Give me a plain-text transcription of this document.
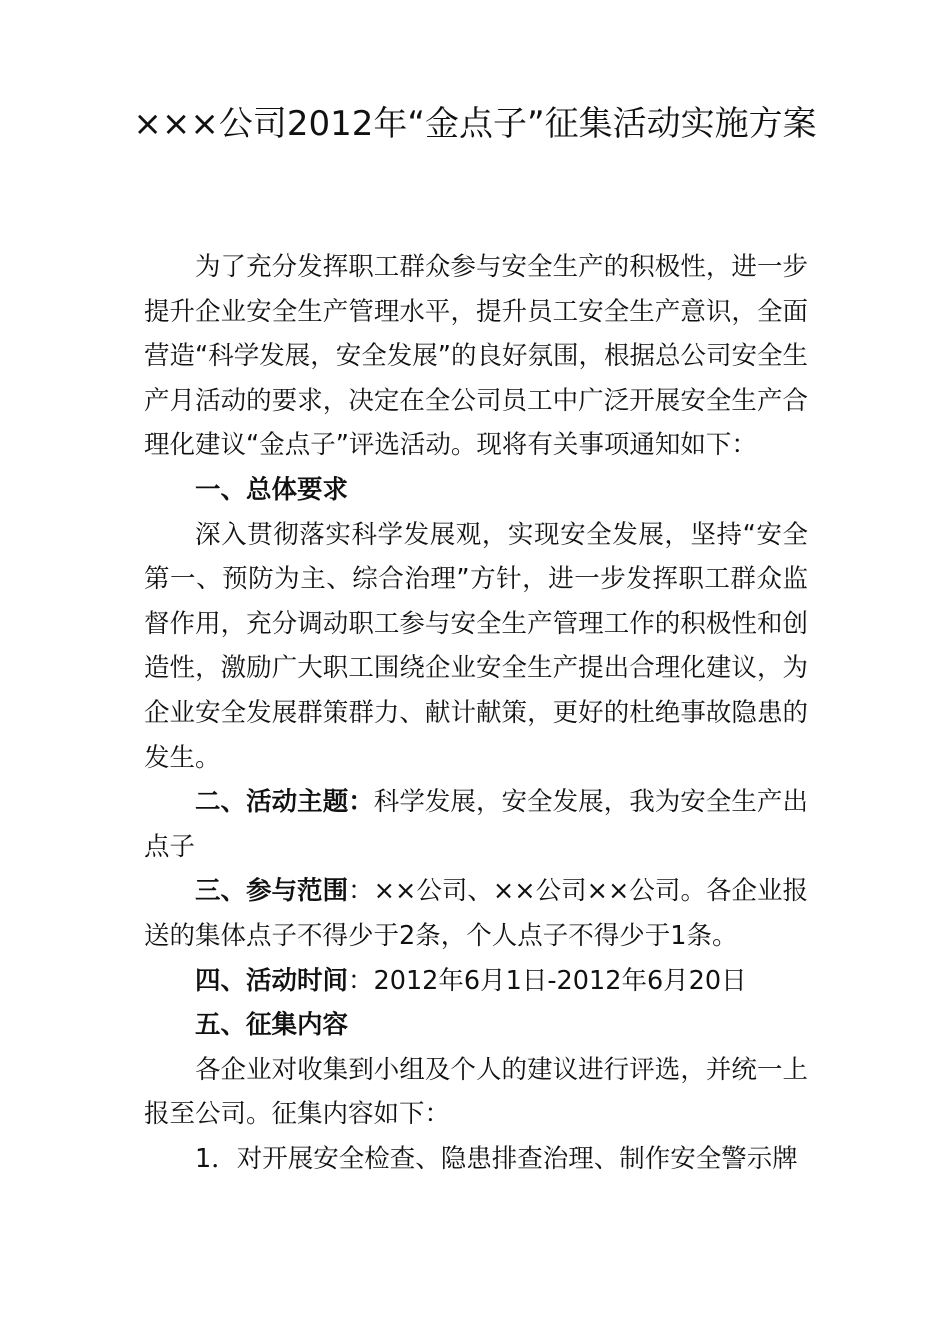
×××公司2012年“金点子”征集活动实施方案

为了充分发挥职工群众参与安全生产的积极性，进一步提升企业安全生产管理水平，提升员工安全生产意识，全面营造“科学发展，安全发展”的良好氛围，根据总公司安全生产月活动的要求，决定在全公司员工中广泛开展安全生产合理化建议“金点子”评选活动。现将有关事项通知如下：

一、总体要求

深入贯彻落实科学发展观，实现安全发展，坚持“安全第一、预防为主、综合治理”方针，进一步发挥职工群众监督作用，充分调动职工参与安全生产管理工作的积极性和创造性，激励广大职工围绕企业安全生产提出合理化建议，为企业安全发展群策群力、献计献策，更好的杜绝事故隐患的发生。

二、活动主题：科学发展，安全发展，我为安全生产出点子

三、参与范围：××公司、××公司××公司。各企业报送的集体点子不得少于2条，个人点子不得少于1条。

四、活动时间：2012年6月1日-2012年6月20日

五、征集内容

各企业对收集到小组及个人的建议进行评选，并统一上报至公司。征集内容如下：

1．对开展安全检查、隐患排查治理、制作安全警示牌
